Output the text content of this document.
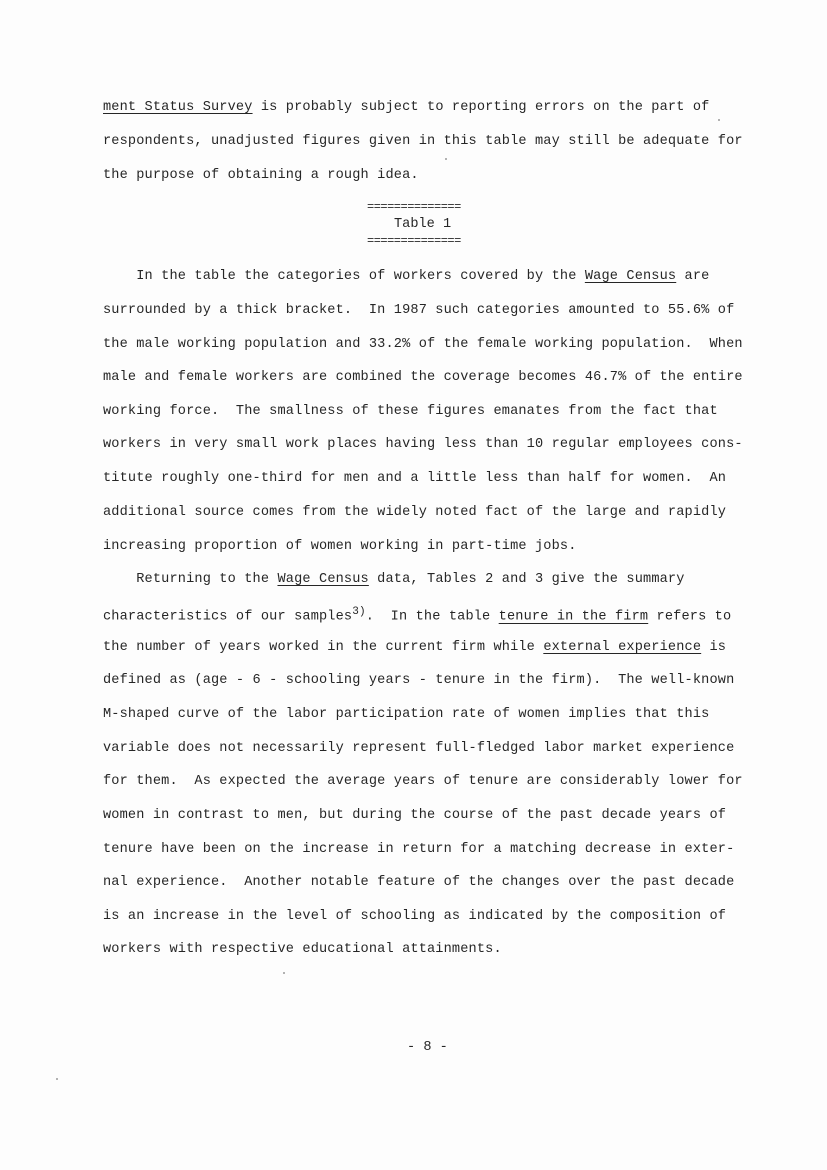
ment Status Survey is probably subject to reporting errors on the part of
respondents, unadjusted figures given in this table may still be adequate for
the purpose of obtaining a rough idea.
==============
Table 1
==============
In the table the categories of workers covered by the Wage Census are
surrounded by a thick bracket.  In 1987 such categories amounted to 55.6% of
the male working population and 33.2% of the female working population.  When
male and female workers are combined the coverage becomes 46.7% of the entire
working force.  The smallness of these figures emanates from the fact that
workers in very small work places having less than 10 regular employees cons-
titute roughly one-third for men and a little less than half for women.  An
additional source comes from the widely noted fact of the large and rapidly
increasing proportion of women working in part-time jobs.
Returning to the Wage Census data, Tables 2 and 3 give the summary
characteristics of our samples$^{3)}$.  In the table tenure in the firm refers to
the number of years worked in the current firm while external experience is
defined as (age - 6 - schooling years - tenure in the firm).  The well-known
M-shaped curve of the labor participation rate of women implies that this
variable does not necessarily represent full-fledged labor market experience
for them.  As expected the average years of tenure are considerably lower for
women in contrast to men, but during the course of the past decade years of
tenure have been on the increase in return for a matching decrease in exter-
nal experience.  Another notable feature of the changes over the past decade
is an increase in the level of schooling as indicated by the composition of
workers with respective educational attainments.
- 8 -
